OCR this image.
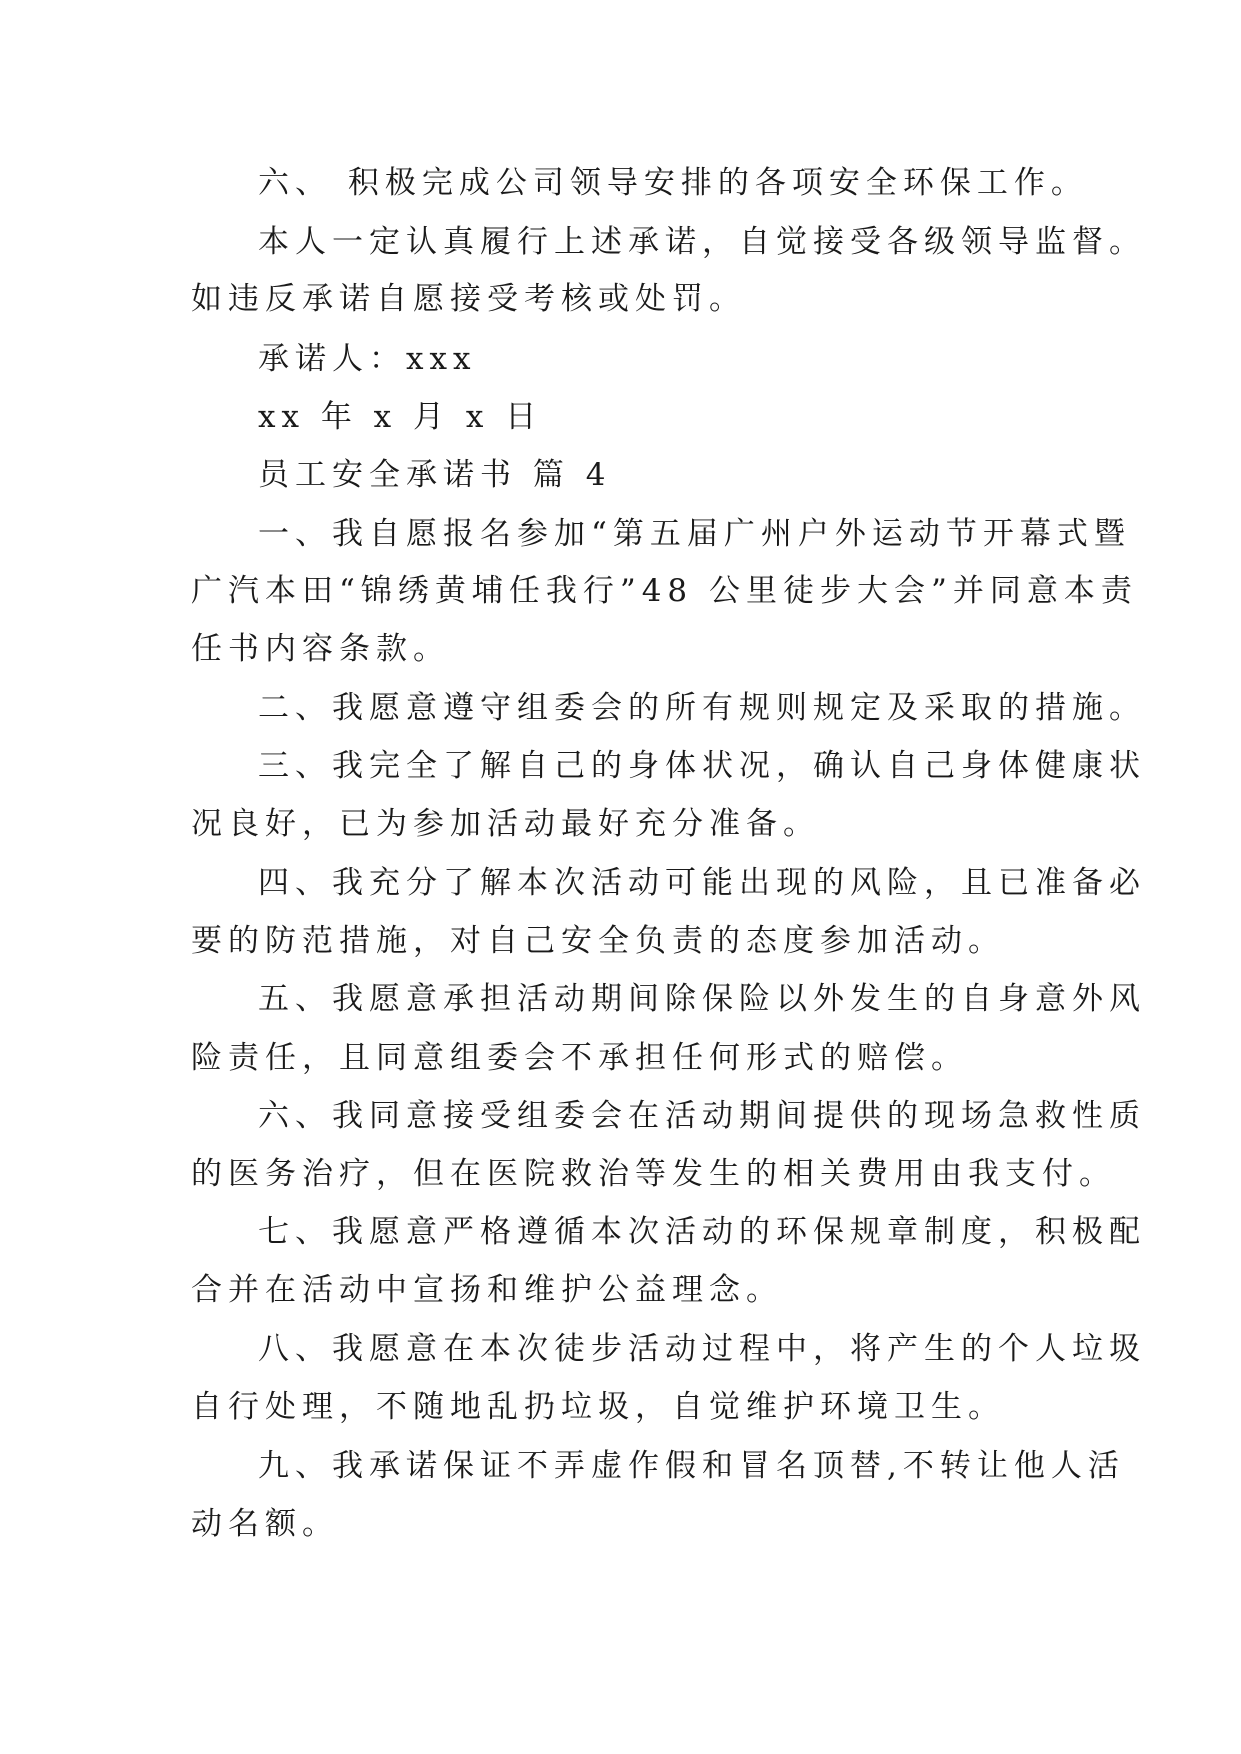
六、 积极完成公司领导安排的各项安全环保工作。
本人一定认真履行上述承诺，自觉接受各级领导监督。
如违反承诺自愿接受考核或处罚。
承诺人：xxx
xx 年 x 月 x 日
员工安全承诺书 篇 4
一、我自愿报名参加“第五届广州户外运动节开幕式暨
广汽本田“锦绣黄埔任我行”48 公里徒步大会”并同意本责
任书内容条款。
二、我愿意遵守组委会的所有规则规定及采取的措施。
三、我完全了解自己的身体状况，确认自己身体健康状
况良好，已为参加活动最好充分准备。
四、我充分了解本次活动可能出现的风险，且已准备必
要的防范措施，对自己安全负责的态度参加活动。
五、我愿意承担活动期间除保险以外发生的自身意外风
险责任，且同意组委会不承担任何形式的赔偿。
六、我同意接受组委会在活动期间提供的现场急救性质
的医务治疗，但在医院救治等发生的相关费用由我支付。
七、我愿意严格遵循本次活动的环保规章制度，积极配
合并在活动中宣扬和维护公益理念。
八、我愿意在本次徒步活动过程中，将产生的个人垃圾
自行处理，不随地乱扔垃圾，自觉维护环境卫生。
九、我承诺保证不弄虚作假和冒名顶替,不转让他人活
动名额。
